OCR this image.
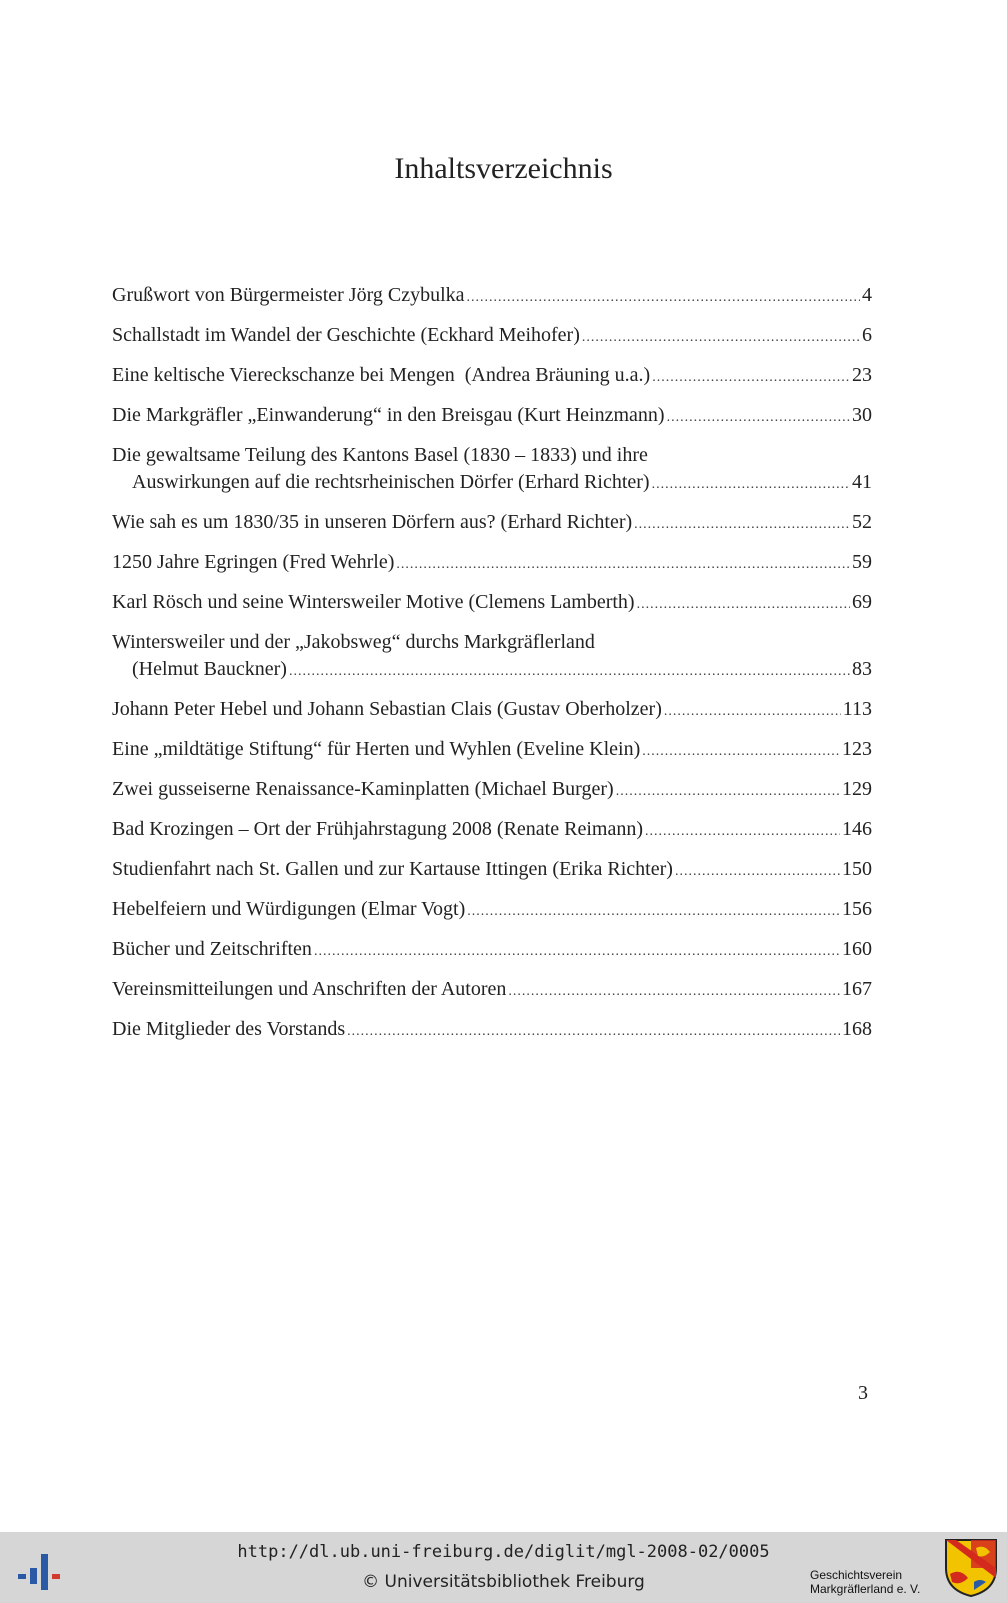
Inhaltsverzeichnis
Grußwort von Bürgermeister Jörg Czybulka .....	4
Schallstadt im Wandel der Geschichte (Eckhard Meihofer) .....	6
Eine keltische Viereckschanze bei Mengen  (Andrea Bräuning u.a.) .....	23
Die Markgräfler „Einwanderung“ in den Breisgau (Kurt Heinzmann) .....	30
Die gewaltsame Teilung des Kantons Basel (1830 – 1833) und ihre
Auswirkungen auf die rechtsrheinischen Dörfer (Erhard Richter) .....	41
Wie sah es um 1830/35 in unseren Dörfern aus? (Erhard Richter) .....	52
1250 Jahre Egringen (Fred Wehrle) .....	59
Karl Rösch und seine Wintersweiler Motive (Clemens Lamberth) .....	69
Wintersweiler und der „Jakobsweg“ durchs Markgräflerland
(Helmut Bauckner) .....	83
Johann Peter Hebel und Johann Sebastian Clais (Gustav Oberholzer) .....	113
Eine „mildtätige Stiftung“ für Herten und Wyhlen (Eveline Klein) .....	123
Zwei gusseiserne Renaissance-Kaminplatten (Michael Burger) .....	129
Bad Krozingen – Ort der Frühjahrstagung 2008 (Renate Reimann) .....	146
Studienfahrt nach St. Gallen und zur Kartause Ittingen (Erika Richter) .....	150
Hebelfeiern und Würdigungen (Elmar Vogt) .....	156
Bücher und Zeitschriften .....	160
Vereinsmitteilungen und Anschriften der Autoren .....	167
Die Mitglieder des Vorstands .....	168
3
http://dl.ub.uni-freiburg.de/diglit/mgl-2008-02/0005
© Universitätsbibliothek Freiburg	Geschichtsverein
Markgräflerland e. V.
